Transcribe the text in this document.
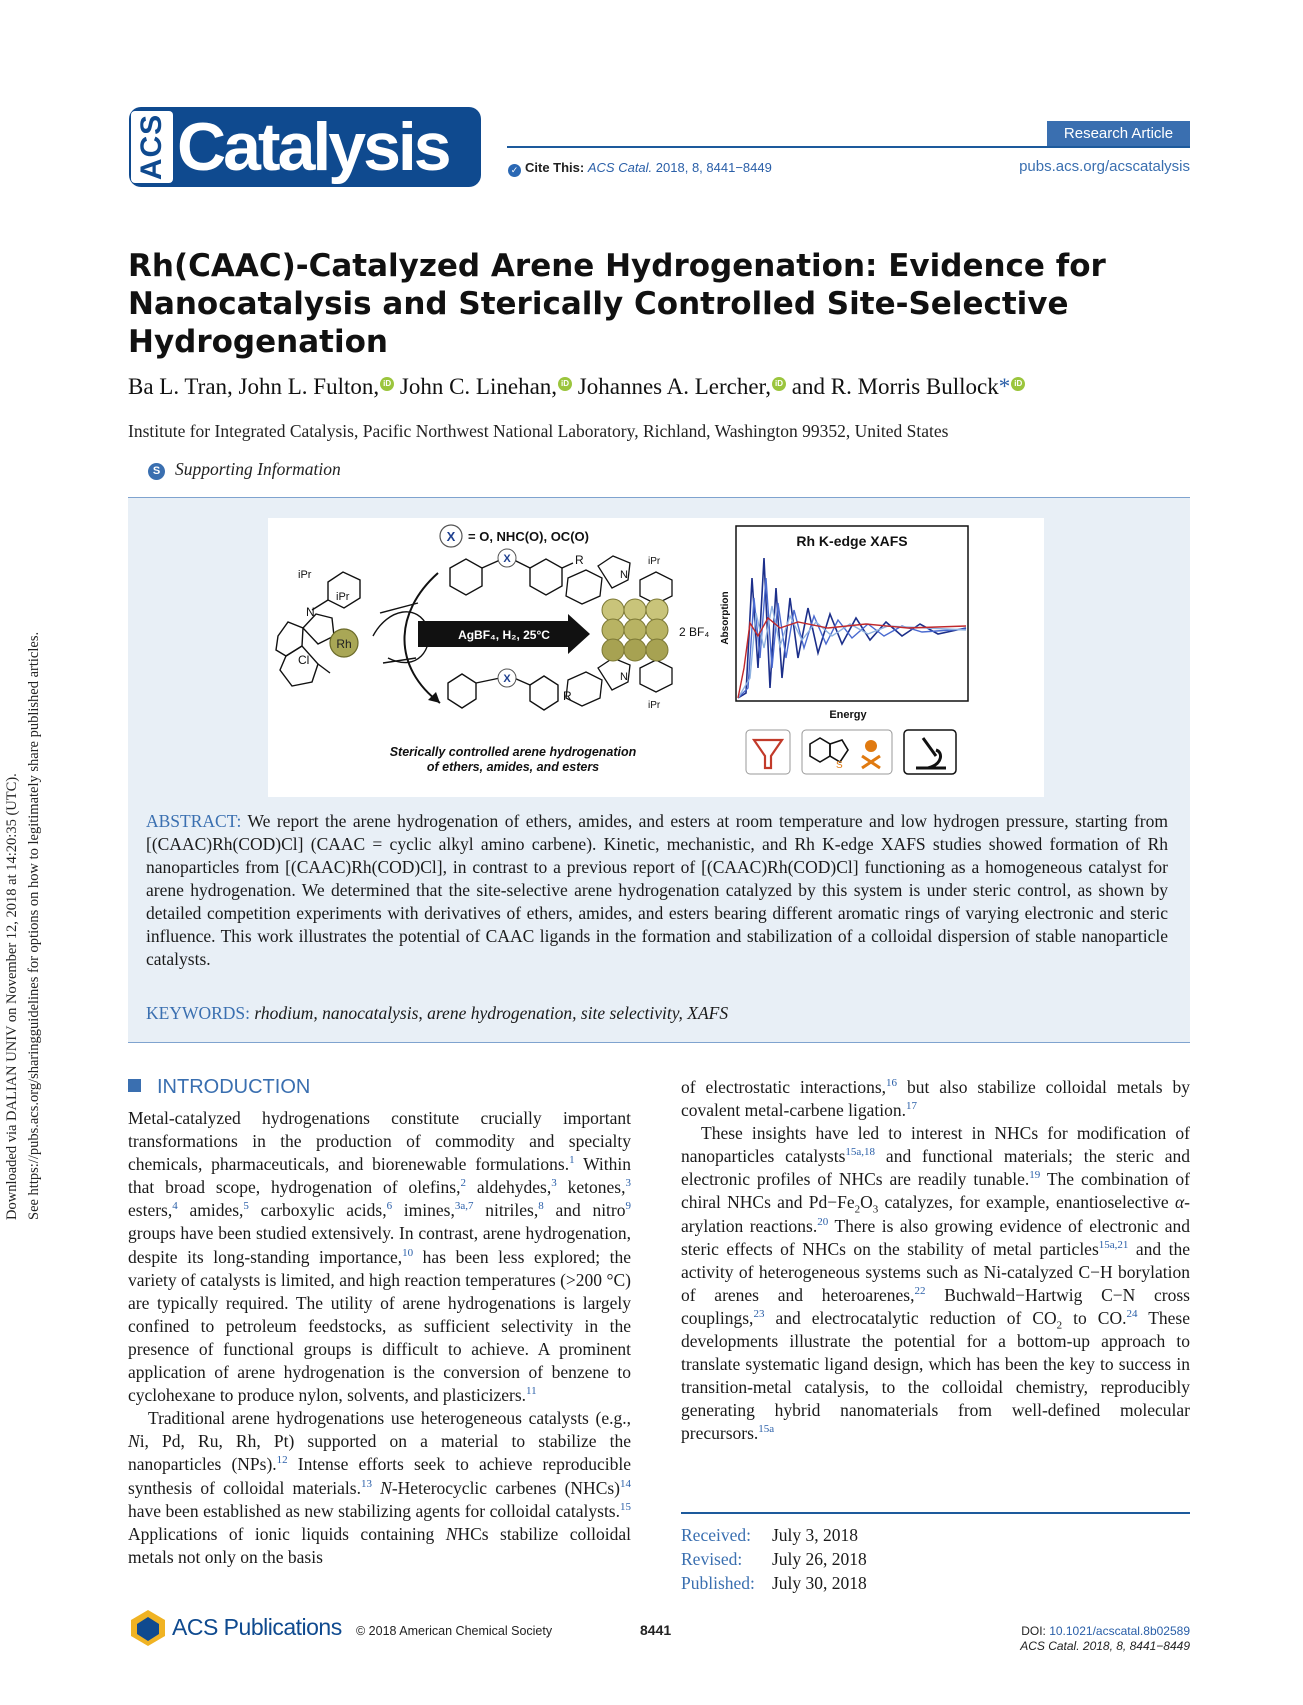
Downloaded via DALIAN UNIV on November 12, 2018 at 14:20:35 (UTC). See https://pubs.acs.org/sharingguidelines for options on how to legitimately share published articles.
ACS Catalysis	Research Article
✓ Cite This: ACS Catal. 2018, 8, 8441−8449	pubs.acs.org/acscatalysis
Rh(CAAC)-Catalyzed Arene Hydrogenation: Evidence for Nanocatalysis and Sterically Controlled Site-Selective Hydrogenation
Ba L. Tran, John L. Fulton, iD John C. Linehan, iD Johannes A. Lercher, iD and R. Morris Bullock* iD
Institute for Integrated Catalysis, Pacific Northwest National Laboratory, Richland, Washington 99352, United States
S Supporting Information
X = O, NHC(O), OC(O)
Rh
Cl
N
iPr
iPr
X	R
AgBF₄, H₂, 25°C
X
R
N
iPr
N
iPr
2 BF₄
Sterically controlled arene hydrogenation
of ethers, amides, and esters
Rh K-edge XAFS
Absorption
Energy
S
ABSTRACT: We report the arene hydrogenation of ethers, amides, and esters at room temperature and low hydrogen pressure, starting from [(CAAC)Rh(COD)Cl] (CAAC = cyclic alkyl amino carbene). Kinetic, mechanistic, and Rh K-edge XAFS studies showed formation of Rh nanoparticles from [(CAAC)Rh(COD)Cl], in contrast to a previous report of [(CAAC)Rh(COD)Cl] functioning as a homogeneous catalyst for arene hydrogenation. We determined that the site-selective arene hydrogenation catalyzed by this system is under steric control, as shown by detailed competition experiments with derivatives of ethers, amides, and esters bearing different aromatic rings of varying electronic and steric influence. This work illustrates the potential of CAAC ligands in the formation and stabilization of a colloidal dispersion of stable nanoparticle catalysts.
KEYWORDS: rhodium, nanocatalysis, arene hydrogenation, site selectivity, XAFS
INTRODUCTION

Metal-catalyzed hydrogenations constitute crucially important transformations in the production of commodity and specialty chemicals, pharmaceuticals, and biorenewable formulations.$^1$ Within that broad scope, hydrogenation of olefins,$^2$ aldehydes,$^3$ ketones,$^3$ esters,$^4$ amides,$^5$ carboxylic acids,$^6$ imines,$^{3a,7}$ nitriles,$^8$ and nitro$^9$ groups have been studied extensively. In contrast, arene hydrogenation, despite its long-standing importance,$^{10}$ has been less explored; the variety of catalysts is limited, and high reaction temperatures (>200 °C) are typically required. The utility of arene hydrogenations is largely confined to petroleum feedstocks, as sufficient selectivity in the presence of functional groups is difficult to achieve. A prominent application of arene hydrogenation is the conversion of benzene to cyclohexane to produce nylon, solvents, and plasticizers.$^{11}$

Traditional arene hydrogenations use heterogeneous catalysts (e.g., Ni, Pd, Ru, Rh, Pt) supported on a material to stabilize the nanoparticles (NPs).$^{12}$ Intense efforts seek to achieve reproducible synthesis of colloidal materials.$^{13}$ N-Heterocyclic carbenes (NHCs)$^{14}$ have been established as new stabilizing agents for colloidal catalysts.$^{15}$ Applications of ionic liquids containing NHCs stabilize colloidal metals not only on the basis

of electrostatic interactions,$^{16}$ but also stabilize colloidal metals by covalent metal-carbene ligation.$^{17}$

These insights have led to interest in NHCs for modification of nanoparticles catalysts$^{15a,18}$ and functional materials; the steric and electronic profiles of NHCs are readily tunable.$^{19}$ The combination of chiral NHCs and $Pd-Fe_2O_3$ catalyzes, for example, enantioselective α-arylation reactions.$^{20}$ There is also growing evidence of electronic and steric effects of NHCs on the stability of metal particles$^{15a,21}$ and the activity of heterogeneous systems such as Ni-catalyzed C−H borylation of arenes and heteroarenes,$^{22}$ Buchwald−Hartwig C−N cross couplings,$^{23}$ and electrocatalytic reduction of $CO_2$ to CO.$^{24}$ These developments illustrate the potential for a bottom-up approach to translate systematic ligand design, which has been the key to success in transition-metal catalysis, to the colloidal chemistry, reproducibly generating hybrid nanomaterials from well-defined molecular precursors.$^{15a}$

Received: July 3, 2018
Revised: July 26, 2018
Published: July 30, 2018
ACS Publications © 2018 American Chemical Society	8441	DOI: 10.1021/acscatal.8b02589
ACS Catal. 2018, 8, 8441−8449
